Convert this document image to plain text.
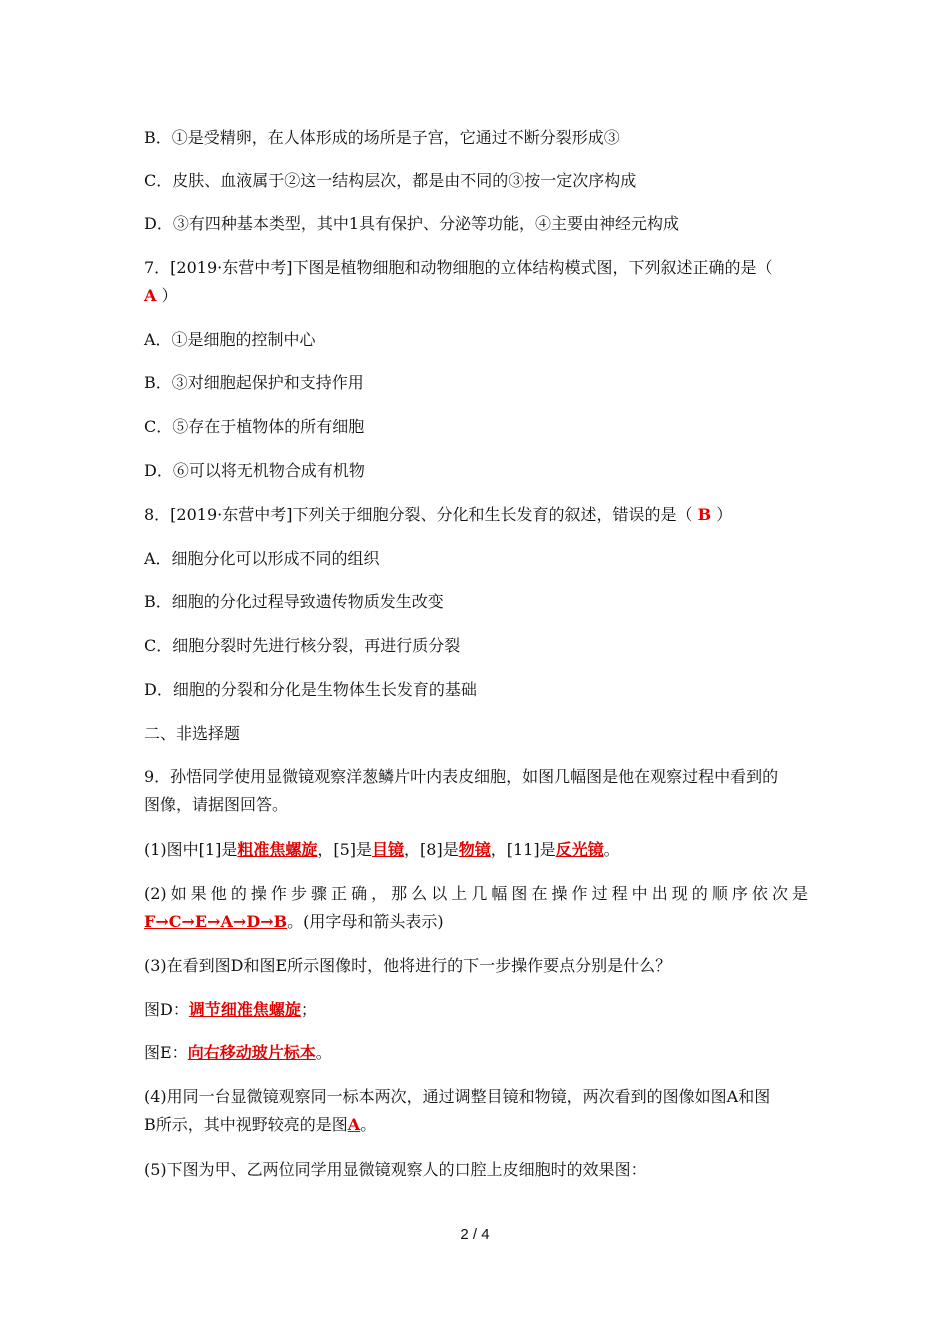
B．①是受精卵，在人体形成的场所是子宫，它通过不断分裂形成③
C．皮肤、血液属于②这一结构层次，都是由不同的③按一定次序构成
D．③有四种基本类型，其中1具有保护、分泌等功能，④主要由神经元构成
7．[2019·东营中考]下图是植物细胞和动物细胞的立体结构模式图，下列叙述正确的是（
A ）
A．①是细胞的控制中心
B．③对细胞起保护和支持作用
C．⑤存在于植物体的所有细胞
D．⑥可以将无机物合成有机物
8．[2019·东营中考]下列关于细胞分裂、分化和生长发育的叙述，错误的是（ B ）
A．细胞分化可以形成不同的组织
B．细胞的分化过程导致遗传物质发生改变
C．细胞分裂时先进行核分裂，再进行质分裂
D．细胞的分裂和分化是生物体生长发育的基础
二、非选择题
9．孙悟同学使用显微镜观察洋葱鳞片叶内表皮细胞，如图几幅图是他在观察过程中看到的
图像，请据图回答。
(1)图中[1]是粗准焦螺旋，[5]是目镜，[8]是物镜，[11]是反光镜。
(2)如果他的操作步骤正确，那么以上几幅图在操作过程中出现的顺序依次是
F→C→E→A→D→B。(用字母和箭头表示)
(3)在看到图D和图E所示图像时，他将进行的下一步操作要点分别是什么？
图D：调节细准焦螺旋；
图E：向右移动玻片标本。
(4)用同一台显微镜观察同一标本两次，通过调整目镜和物镜，两次看到的图像如图A和图
B所示，其中视野较亮的是图A。
(5)下图为甲、乙两位同学用显微镜观察人的口腔上皮细胞时的效果图：
2 / 4
